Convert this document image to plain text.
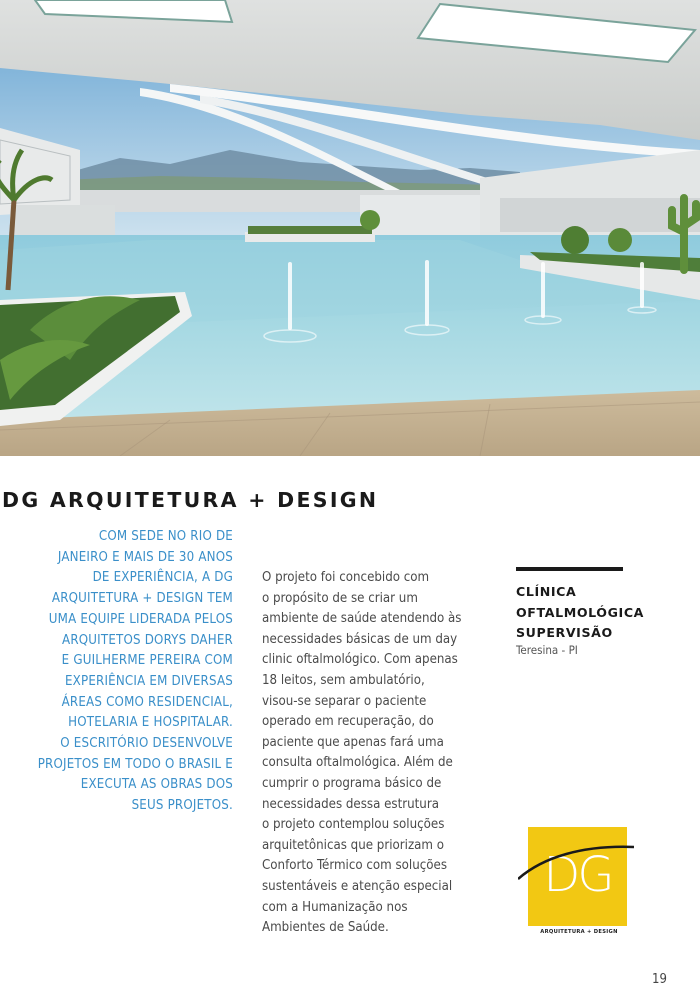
DG ARQUITETURA + DESIGN
COM SEDE NO RIO DE
JANEIRO E MAIS DE 30 ANOS
DE EXPERIÊNCIA, A DG
ARQUITETURA + DESIGN TEM
UMA EQUIPE LIDERADA PELOS
ARQUITETOS DORYS DAHER
E GUILHERME PEREIRA COM
EXPERIÊNCIA EM DIVERSAS
ÁREAS COMO RESIDENCIAL,
HOTELARIA E HOSPITALAR.
O ESCRITÓRIO DESENVOLVE
PROJETOS EM TODO O BRASIL E
EXECUTA AS OBRAS DOS
SEUS PROJETOS.
O projeto foi concebido com
o propósito de se criar um
ambiente de saúde atendendo às
necessidades básicas de um day
clinic oftalmológico. Com apenas
18 leitos, sem ambulatório,
visou-se separar o paciente
operado em recuperação, do
paciente que apenas fará uma
consulta oftalmológica. Além de
cumprir o programa básico de
necessidades dessa estrutura
o projeto contemplou soluções
arquitetônicas que priorizam o
Conforto Térmico com soluções
sustentáveis e atenção especial
com a Humanização nos
Ambientes de Saúde.
CLÍNICA
OFTALMOLÓGICA
SUPERVISÃO
Teresina - PI
DG
ARQUITETURA + DESIGN
19
